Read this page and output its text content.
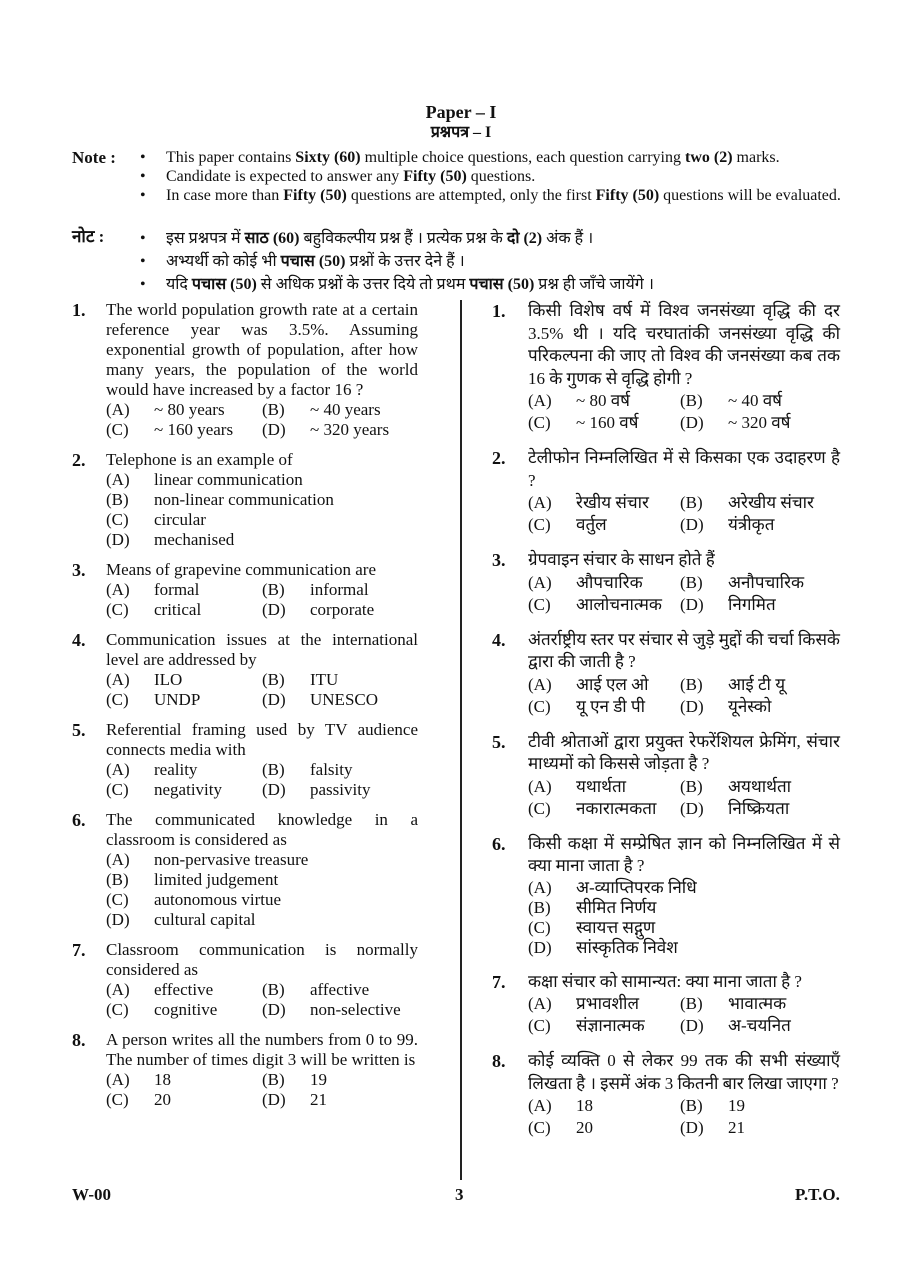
Paper – I
प्रश्नपत्र – I
Note :	• This paper contains Sixty (60) multiple choice questions, each question carrying two (2) marks.
• Candidate is expected to answer any Fifty (50) questions.
• In case more than Fifty (50) questions are attempted, only the first Fifty (50) questions will be evaluated.
नोट :	• इस प्रश्नपत्र में साठ (60) बहुविकल्पीय प्रश्न हैं । प्रत्येक प्रश्न के दो (2) अंक हैं ।
• अभ्यर्थी को कोई भी पचास (50) प्रश्नों के उत्तर देने हैं ।
• यदि पचास (50) से अधिक प्रश्नों के उत्तर दिये तो प्रथम पचास (50) प्रश्न ही जाँचे जायेंगे ।
1. The world population growth rate at a certain reference year was 3.5%. Assuming exponential growth of population, after how many years, the population of the world would have increased by a factor 16 ?
(A)	~ 80 years (B)	~ 40 years
(C)	~ 160 years (D)	~ 320 years
2. Telephone is an example of
(A)	linear communication
(B)	non-linear communication
(C)	circular
(D)	mechanised
3. Means of grapevine communication are
(A)	formal	(B)	informal
(C)	critical	(D)	corporate
4. Communication issues at the international level are addressed by
(A)	ILO	(B)	ITU
(C)	UNDP	(D)	UNESCO
5. Referential framing used by TV audience connects media with
(A)	reality	(B)	falsity
(C)	negativity (D)	passivity
6. The communicated knowledge in a classroom is considered as
(A)	non-pervasive treasure
(B)	limited judgement
(C)	autonomous virtue
(D)	cultural capital
7. Classroom communication is normally considered as
(A)	effective	(B)	affective
(C)	cognitive	(D)	non-selective
8. A person writes all the numbers from 0 to 99. The number of times digit 3 will be written is
(A)	18	(B)	19
(C)	20	(D)	21
1. किसी विशेष वर्ष में विश्व जनसंख्या वृद्धि की दर 3.5% थी । यदि चरघातांकी जनसंख्या वृद्धि की परिकल्पना की जाए तो विश्व की जनसंख्या कब तक 16 के गुणक से वृद्धि होगी ?
(A)	~ 80 वर्ष	(B)	~ 40 वर्ष
(C)	~ 160 वर्ष (D)	~ 320 वर्ष
2. टेलीफोन निम्नलिखित में से किसका एक उदाहरण है ?
(A)	रेखीय संचार (B)	अरेखीय संचार
(C)	वर्तुल	(D)	यंत्रीकृत
3. ग्रेपवाइन संचार के साधन होते हैं
(A)	औपचारिक (B)	अनौपचारिक
(C)	आलोचनात्मक (D)	निगमित
4. अंतर्राष्ट्रीय स्तर पर संचार से जुड़े मुद्दों की चर्चा किसके द्वारा की जाती है ?
(A)	आई एल ओ (B)	आई टी यू
(C)	यू एन डी पी (D)	यूनेस्को
5. टीवी श्रोताओं द्वारा प्रयुक्त रेफरेंशियल फ्रेमिंग, संचार माध्यमों को किससे जोड़ता है ?
(A)	यथार्थता	(B)	अयथार्थता
(C)	नकारात्मकता (D)	निष्क्रियता
6. किसी कक्षा में सम्प्रेषित ज्ञान को निम्नलिखित में से क्या माना जाता है ?
(A)	अ-व्याप्तिपरक निधि
(B)	सीमित निर्णय
(C)	स्वायत्त सद्गुण
(D)	सांस्कृतिक निवेश
7. कक्षा संचार को सामान्यत: क्या माना जाता है ?
(A)	प्रभावशील (B)	भावात्मक
(C)	संज्ञानात्मक (D)	अ-चयनित
8. कोई व्यक्ति 0 से लेकर 99 तक की सभी संख्याएँ लिखता है । इसमें अंक 3 कितनी बार लिखा जाएगा ?
(A)	18	(B)	19
(C)	20	(D)	21
W-00	3	P.T.O.
